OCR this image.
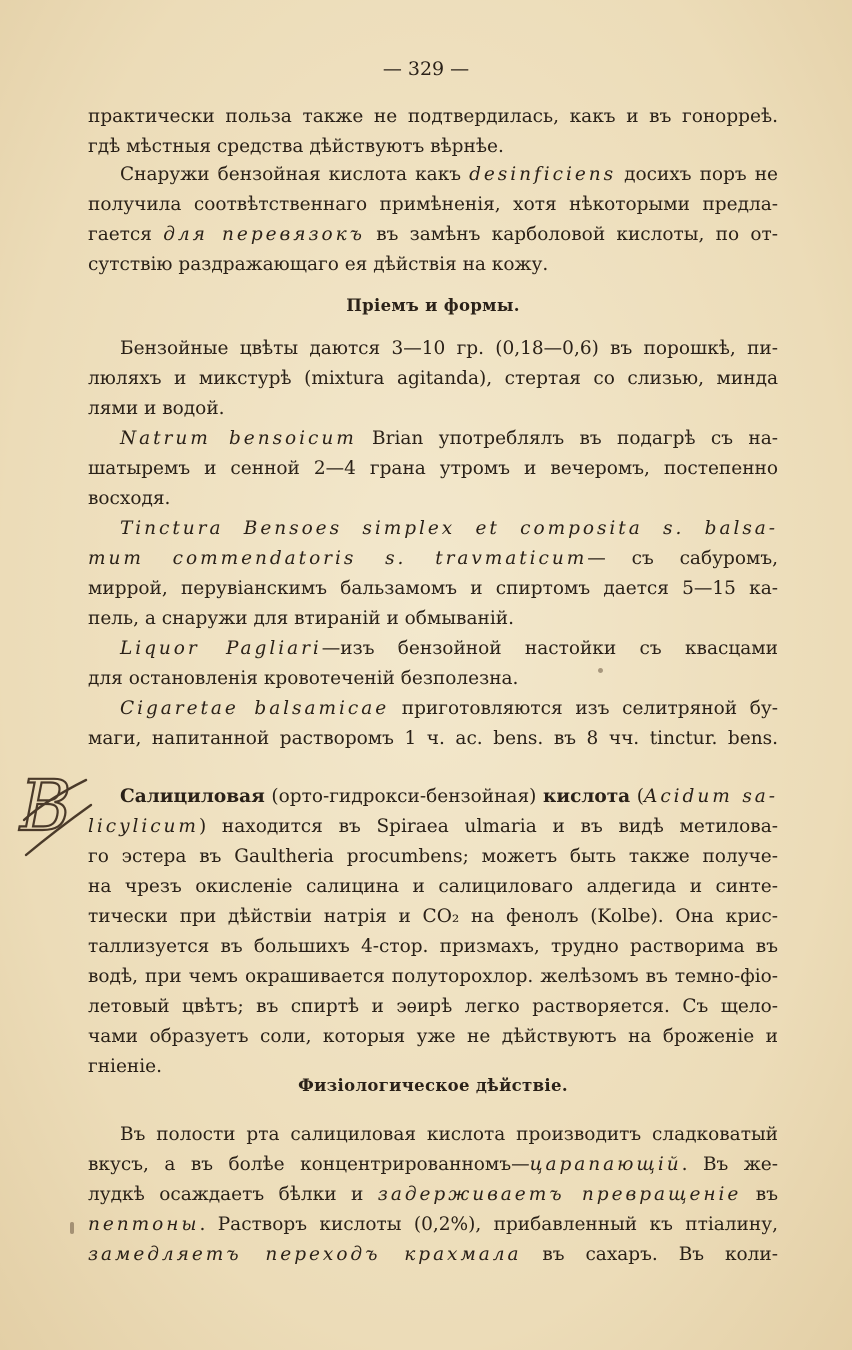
— 329 —
Пріемъ и формы.
Физіологическое дѣйствіе.
практически польза также не подтвердилась, какъ и въ гонорреѣ.
гдѣ мѣстныя средства дѣйствуютъ вѣрнѣе.
Снаружи бензойная кислота какъ desinficiens досихъ поръ не
получила соотвѣтственнаго примѣненія, хотя нѣкоторыми предла-
гается для перевязокъ въ замѣнъ карболовой кислоты, по от-
сутствію раздражающаго ея дѣйствія на кожу.
Бензойные цвѣты даются 3—10 гр. (0,18—0,6) въ порошкѣ, пи-
люляхъ и микстурѣ (mixtura agitanda), стертая со слизью, минда
лями и водой.
Natrum bensoicum Brian употреблялъ въ подагрѣ съ на-
шатыремъ и сенной 2—4 грана утромъ и вечеромъ, постепенно
восходя.
Tinctura Bensoes simplex et composita s. balsa-
mum commendatoris s. travmaticum— съ сабуромъ,
миррой, перувіанскимъ бальзамомъ и спиртомъ дается 5—15 ка-
пель, а снаружи для втираній и обмываній.
Liquor Pagliari—изъ бензойной настойки съ квасцами
для остановленія кровотеченій безполезна.
Cigaretae balsamicae приготовляются изъ селитряной бу-
маги, напитанной растворомъ 1 ч. ac. bens. въ 8 чч. tinctur. bens.
Салициловая (орто-гидрокси-бензойная) кислота (Acidum sa-
licylicum) находится въ Spiraea ulmaria и въ видѣ метилова-
го эстера въ Gaultheria procumbens; можетъ быть также получе-
на чрезъ окисленіе салицина и салициловаго алдегида и синте-
тически при дѣйствіи натрія и CO₂ на фенолъ (Kolbe). Она крис-
таллизуется въ большихъ 4-стор. призмахъ, трудно растворима въ
водѣ, при чемъ окрашивается полуторохлор. желѣзомъ въ темно-фіо-
летовый цвѣтъ; въ спиртѣ и эѳирѣ легко растворяется. Съ щело-
чами образуетъ соли, которыя уже не дѣйствуютъ на броженіе и
гніеніе.
Въ полости рта салициловая кислота производитъ сладковатый
вкусъ, а въ болѣе концентрированномъ—царапающій. Въ же-
лудкѣ осаждаетъ бѣлки и задерживаетъ превращеніе въ
пептоны. Растворъ кислоты (0,2%), прибавленный къ птіалину,
замедляетъ переходъ крахмала въ сахаръ. Въ коли-
B
